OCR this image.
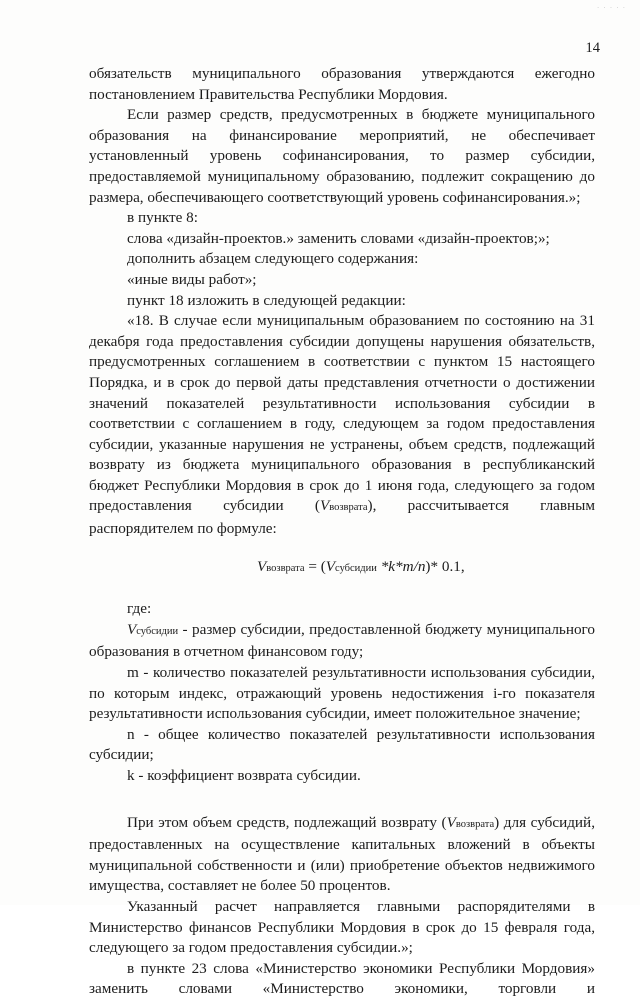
· · · · ·
14

обязательств муниципального образования утверждаются ежегодно

постановлением Правительства Республики Мордовия.

Если размер средств, предусмотренных в бюджете муниципального

образования на финансирование мероприятий, не обеспечивает

установленный уровень софинансирования, то размер субсидии,

предоставляемой муниципальному образованию, подлежит сокращению до

размера, обеспечивающего соответствующий уровень софинансирования.»;

в пункте 8:

слова «дизайн-проектов.» заменить словами «дизайн-проектов;»;

дополнить абзацем следующего содержания:

«иные виды работ»;

пункт 18 изложить в следующей редакции:

«18. В случае если муниципальным образованием по состоянию на 31

декабря года предоставления субсидии допущены нарушения обязательств,

предусмотренных соглашением в соответствии с пунктом 15 настоящего

Порядка, и в срок до первой даты представления отчетности о достижении

значений показателей результативности использования субсидии в

соответствии с соглашением в году, следующем за годом предоставления

субсидии, указанные нарушения не устранены, объем средств, подлежащий

возврату из бюджета муниципального образования в республиканский

бюджет Республики Мордовия в срок до 1 июня года, следующего за годом

предоставления субсидии (Vвозврата), рассчитывается главным

распорядителем по формуле:

Vвозврата = (Vсубсидии *k*m/n)* 0.1,

где:

Vсубсидии - размер субсидии, предоставленной бюджету муниципального

образования в отчетном финансовом году;

m - количество показателей результативности использования субсидии,

по которым индекс, отражающий уровень недостижения i-го показателя

результативности использования субсидии, имеет положительное значение;

n - общее количество показателей результативности использования

субсидии;

k - коэффициент возврата субсидии.

При этом объем средств, подлежащий возврату (Vвозврата) для субсидий,

предоставленных на осуществление капитальных вложений в объекты

муниципальной собственности и (или) приобретение объектов недвижимого

имущества, составляет не более 50 процентов.

Указанный расчет направляется главными распорядителями в

Министерство финансов Республики Мордовия в срок до 15 февраля года,

следующего за годом предоставления субсидии.»;

в пункте 23 слова «Министерство экономики Республики Мордовия»

заменить словами «Министерство экономики, торговли и
